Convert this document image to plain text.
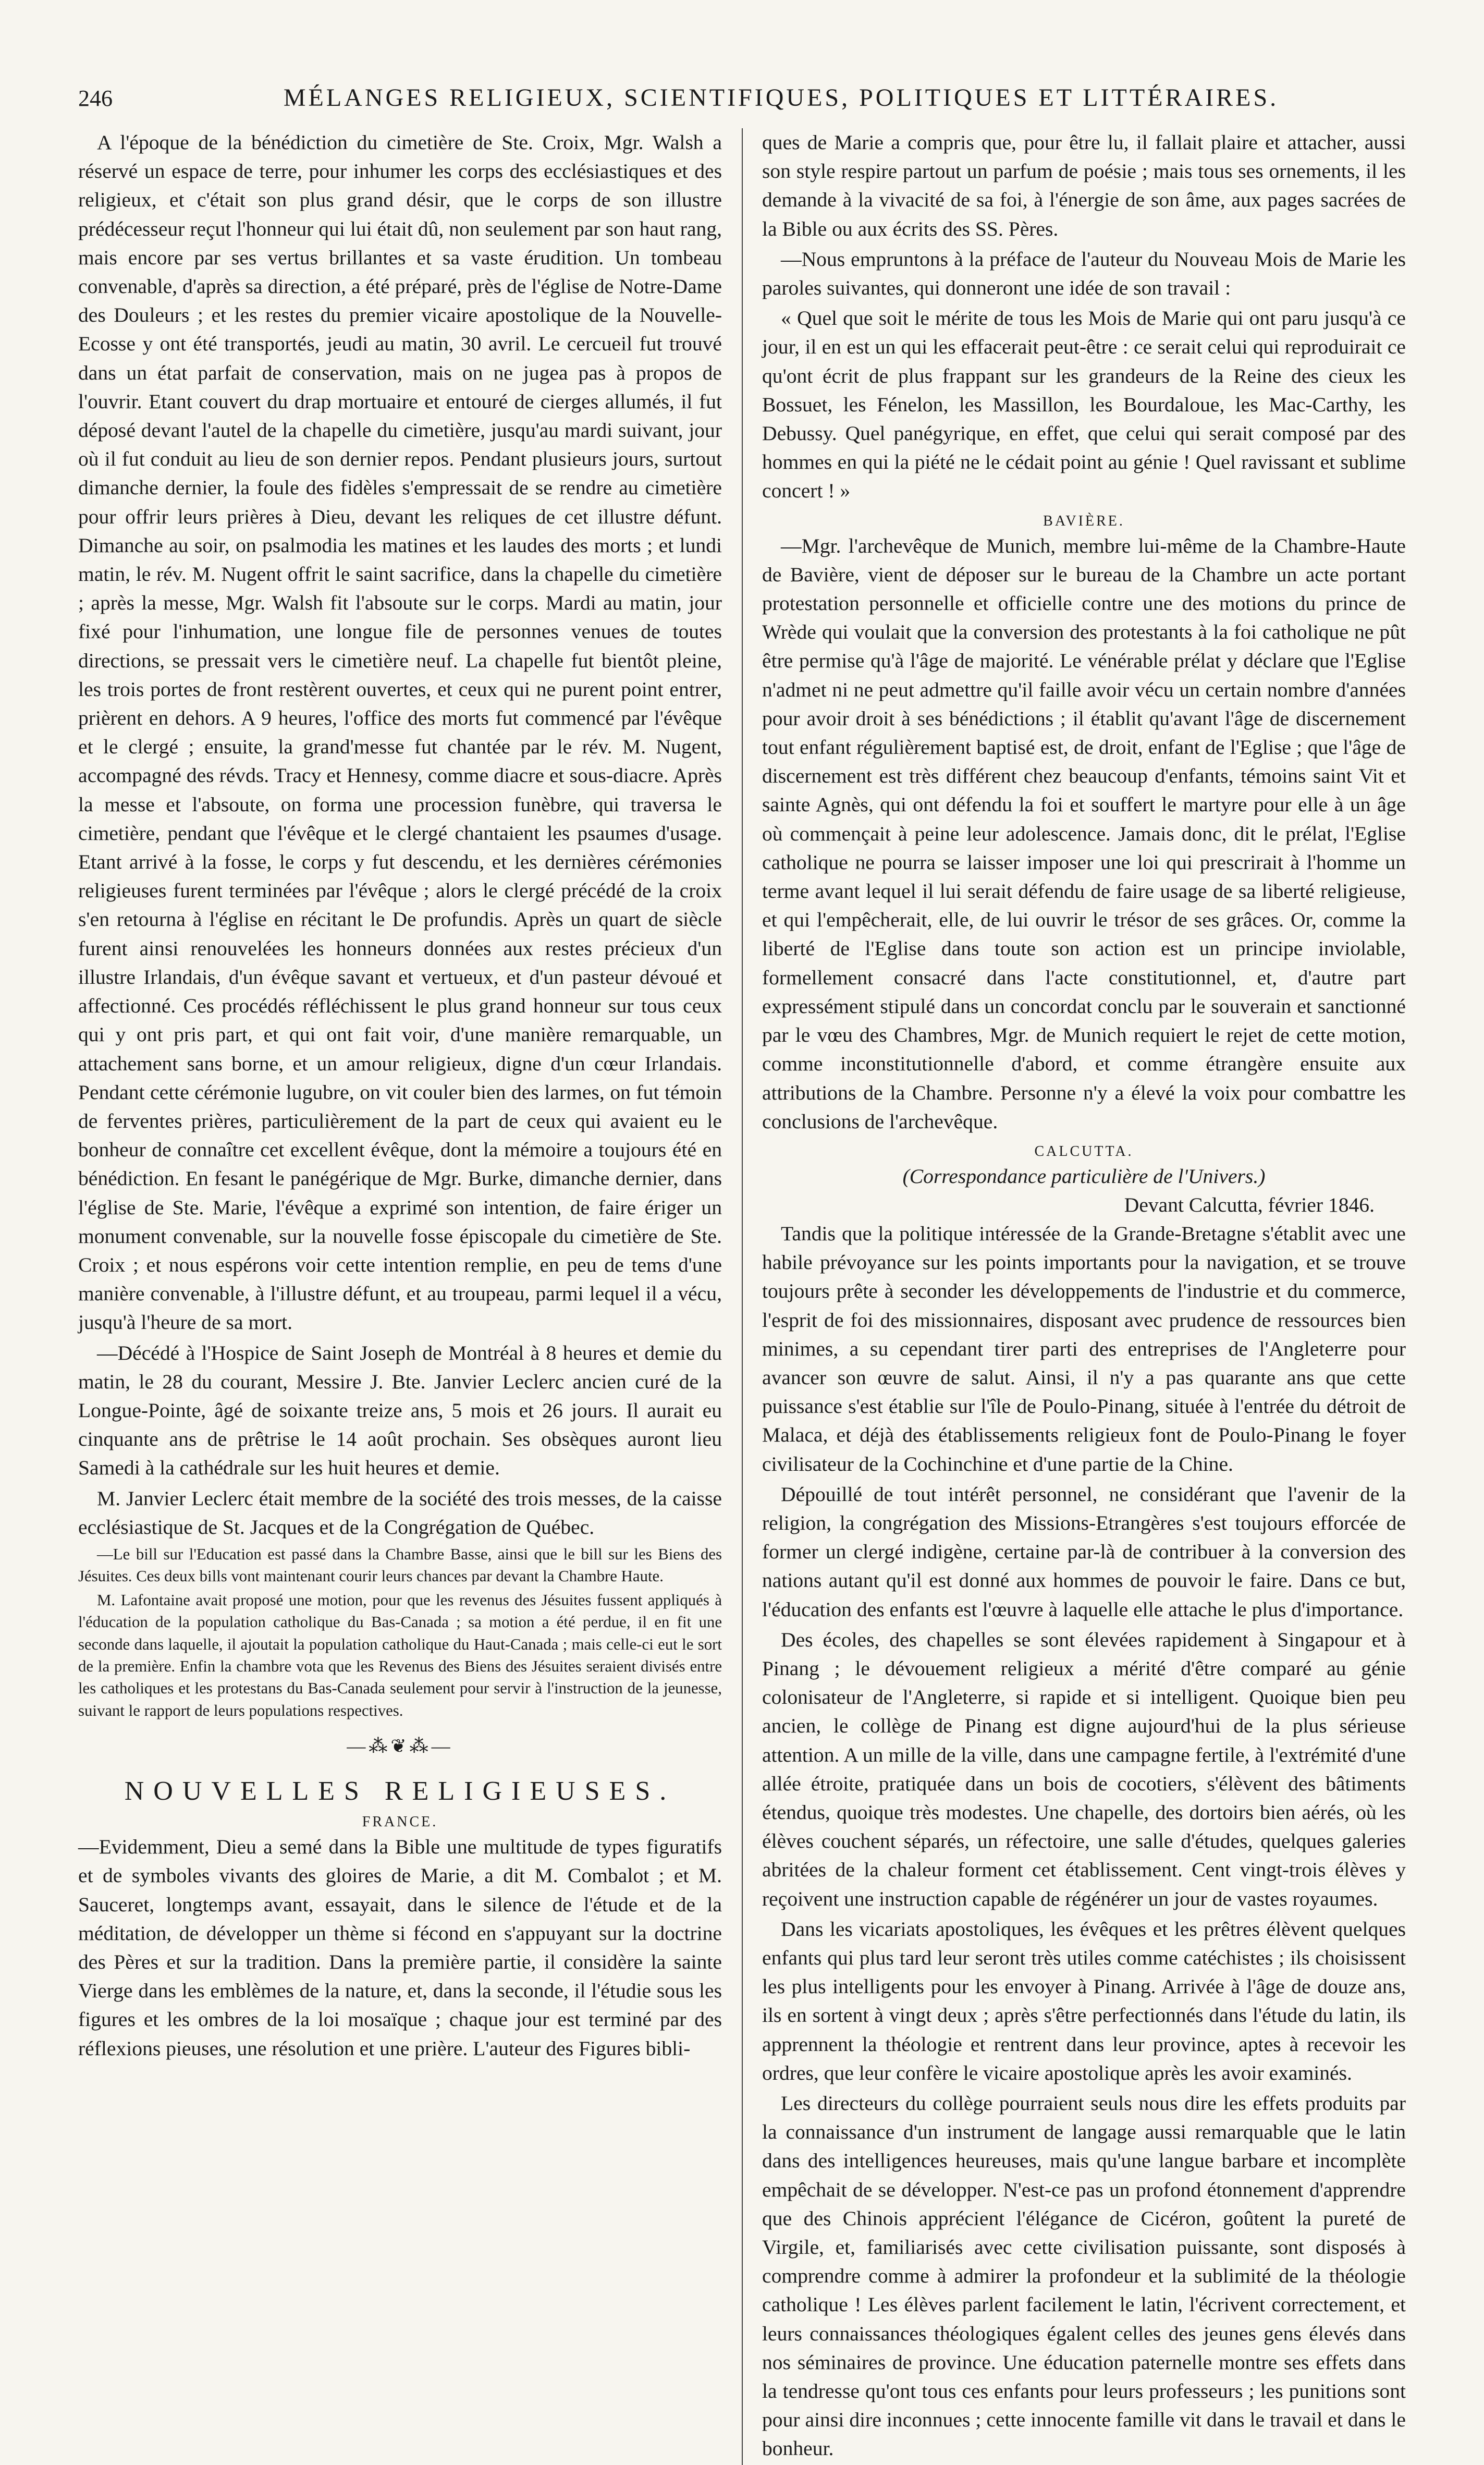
246	MÉLANGES RELIGIEUX, SCIENTIFIQUES, POLITIQUES ET LITTÉRAIRES.

A l'époque de la bénédiction du cimetière de Ste. Croix, Mgr. Walsh a réservé un espace de terre, pour inhumer les corps des ecclésiastiques et des religieux, et c'était son plus grand désir, que le corps de son illustre prédécesseur reçut l'honneur qui lui était dû, non seulement par son haut rang, mais encore par ses vertus brillantes et sa vaste érudition. Un tombeau convenable, d'après sa direction, a été préparé, près de l'église de Notre-Dame des Douleurs ; et les restes du premier vicaire apostolique de la Nouvelle-Ecosse y ont été transportés, jeudi au matin, 30 avril. Le cercueil fut trouvé dans un état parfait de conservation, mais on ne jugea pas à propos de l'ouvrir. Etant couvert du drap mortuaire et entouré de cierges allumés, il fut déposé devant l'autel de la chapelle du cimetière, jusqu'au mardi suivant, jour où il fut conduit au lieu de son dernier repos. Pendant plusieurs jours, surtout dimanche dernier, la foule des fidèles s'empressait de se rendre au cimetière pour offrir leurs prières à Dieu, devant les reliques de cet illustre défunt. Dimanche au soir, on psalmodia les matines et les laudes des morts ; et lundi matin, le rév. M. Nugent offrit le saint sacrifice, dans la chapelle du cimetière ; après la messe, Mgr. Walsh fit l'absoute sur le corps. Mardi au matin, jour fixé pour l'inhumation, une longue file de personnes venues de toutes directions, se pressait vers le cimetière neuf. La chapelle fut bientôt pleine, les trois portes de front restèrent ouvertes, et ceux qui ne purent point entrer, prièrent en dehors. A 9 heures, l'office des morts fut commencé par l'évêque et le clergé ; ensuite, la grand'messe fut chantée par le rév. M. Nugent, accompagné des révds. Tracy et Hennesy, comme diacre et sous-diacre. Après la messe et l'absoute, on forma une procession funèbre, qui traversa le cimetière, pendant que l'évêque et le clergé chantaient les psaumes d'usage. Etant arrivé à la fosse, le corps y fut descendu, et les dernières cérémonies religieuses furent terminées par l'évêque ; alors le clergé précédé de la croix s'en retourna à l'église en récitant le De profundis. Après un quart de siècle furent ainsi renouvelées les honneurs données aux restes précieux d'un illustre Irlandais, d'un évêque savant et vertueux, et d'un pasteur dévoué et affectionné. Ces procédés réfléchissent le plus grand honneur sur tous ceux qui y ont pris part, et qui ont fait voir, d'une manière remarquable, un attachement sans borne, et un amour religieux, digne d'un cœur Irlandais. Pendant cette cérémonie lugubre, on vit couler bien des larmes, on fut témoin de ferventes prières, particulièrement de la part de ceux qui avaient eu le bonheur de connaître cet excellent évêque, dont la mémoire a toujours été en bénédiction. En fesant le panégérique de Mgr. Burke, dimanche dernier, dans l'église de Ste. Marie, l'évêque a exprimé son intention, de faire ériger un monument convenable, sur la nouvelle fosse épiscopale du cimetière de Ste. Croix ; et nous espérons voir cette intention remplie, en peu de tems d'une manière convenable, à l'illustre défunt, et au troupeau, parmi lequel il a vécu, jusqu'à l'heure de sa mort.

—Décédé à l'Hospice de Saint Joseph de Montréal à 8 heures et demie du matin, le 28 du courant, Messire J. Bte. Janvier Leclerc ancien curé de la Longue-Pointe, âgé de soixante treize ans, 5 mois et 26 jours. Il aurait eu cinquante ans de prêtrise le 14 août prochain. Ses obsèques auront lieu Samedi à la cathédrale sur les huit heures et demie.

M. Janvier Leclerc était membre de la société des trois messes, de la caisse ecclésiastique de St. Jacques et de la Congrégation de Québec.

—Le bill sur l'Education est passé dans la Chambre Basse, ainsi que le bill sur les Biens des Jésuites. Ces deux bills vont maintenant courir leurs chances par devant la Chambre Haute.

M. Lafontaine avait proposé une motion, pour que les revenus des Jésuites fussent appliqués à l'éducation de la population catholique du Bas-Canada ; sa motion a été perdue, il en fit une seconde dans laquelle, il ajoutait la population catholique du Haut-Canada ; mais celle-ci eut le sort de la première. Enfin la chambre vota que les Revenus des Biens des Jésuites seraient divisés entre les catholiques et les protestans du Bas-Canada seulement pour servir à l'instruction de la jeunesse, suivant le rapport de leurs populations respectives.

—⁂❦⁂—
NOUVELLES RELIGIEUSES.
FRANCE.

—Evidemment, Dieu a semé dans la Bible une multitude de types figuratifs et de symboles vivants des gloires de Marie, a dit M. Combalot ; et M. Sauceret, longtemps avant, essayait, dans le silence de l'étude et de la méditation, de développer un thème si fécond en s'appuyant sur la doctrine des Pères et sur la tradition. Dans la première partie, il considère la sainte Vierge dans les emblèmes de la nature, et, dans la seconde, il l'étudie sous les figures et les ombres de la loi mosaïque ; chaque jour est terminé par des réflexions pieuses, une résolution et une prière. L'auteur des Figures bibli-

ques de Marie a compris que, pour être lu, il fallait plaire et attacher, aussi son style respire partout un parfum de poésie ; mais tous ses ornements, il les demande à la vivacité de sa foi, à l'énergie de son âme, aux pages sacrées de la Bible ou aux écrits des SS. Pères.

—Nous empruntons à la préface de l'auteur du Nouveau Mois de Marie les paroles suivantes, qui donneront une idée de son travail :

« Quel que soit le mérite de tous les Mois de Marie qui ont paru jusqu'à ce jour, il en est un qui les effacerait peut-être : ce serait celui qui reproduirait ce qu'ont écrit de plus frappant sur les grandeurs de la Reine des cieux les Bossuet, les Fénelon, les Massillon, les Bourdaloue, les Mac-Carthy, les Debussy. Quel panégyrique, en effet, que celui qui serait composé par des hommes en qui la piété ne le cédait point au génie ! Quel ravissant et sublime concert ! »

BAVIÈRE.

—Mgr. l'archevêque de Munich, membre lui-même de la Chambre-Haute de Bavière, vient de déposer sur le bureau de la Chambre un acte portant protestation personnelle et officielle contre une des motions du prince de Wrède qui voulait que la conversion des protestants à la foi catholique ne pût être permise qu'à l'âge de majorité. Le vénérable prélat y déclare que l'Eglise n'admet ni ne peut admettre qu'il faille avoir vécu un certain nombre d'années pour avoir droit à ses bénédictions ; il établit qu'avant l'âge de discernement tout enfant régulièrement baptisé est, de droit, enfant de l'Eglise ; que l'âge de discernement est très différent chez beaucoup d'enfants, témoins saint Vit et sainte Agnès, qui ont défendu la foi et souffert le martyre pour elle à un âge où commençait à peine leur adolescence. Jamais donc, dit le prélat, l'Eglise catholique ne pourra se laisser imposer une loi qui prescrirait à l'homme un terme avant lequel il lui serait défendu de faire usage de sa liberté religieuse, et qui l'empêcherait, elle, de lui ouvrir le trésor de ses grâces. Or, comme la liberté de l'Eglise dans toute son action est un principe inviolable, formellement consacré dans l'acte constitutionnel, et, d'autre part expressément stipulé dans un concordat conclu par le souverain et sanctionné par le vœu des Chambres, Mgr. de Munich requiert le rejet de cette motion, comme inconstitutionnelle d'abord, et comme étrangère ensuite aux attributions de la Chambre. Personne n'y a élevé la voix pour combattre les conclusions de l'archevêque.

CALCUTTA.
(Correspondance particulière de l'Univers.)
Devant Calcutta, février 1846.

Tandis que la politique intéressée de la Grande-Bretagne s'établit avec une habile prévoyance sur les points importants pour la navigation, et se trouve toujours prête à seconder les développements de l'industrie et du commerce, l'esprit de foi des missionnaires, disposant avec prudence de ressources bien minimes, a su cependant tirer parti des entreprises de l'Angleterre pour avancer son œuvre de salut. Ainsi, il n'y a pas quarante ans que cette puissance s'est établie sur l'île de Poulo-Pinang, située à l'entrée du détroit de Malaca, et déjà des établissements religieux font de Poulo-Pinang le foyer civilisateur de la Cochinchine et d'une partie de la Chine.

Dépouillé de tout intérêt personnel, ne considérant que l'avenir de la religion, la congrégation des Missions-Etrangères s'est toujours efforcée de former un clergé indigène, certaine par-là de contribuer à la conversion des nations autant qu'il est donné aux hommes de pouvoir le faire. Dans ce but, l'éducation des enfants est l'œuvre à laquelle elle attache le plus d'importance.

Des écoles, des chapelles se sont élevées rapidement à Singapour et à Pinang ; le dévouement religieux a mérité d'être comparé au génie colonisateur de l'Angleterre, si rapide et si intelligent. Quoique bien peu ancien, le collège de Pinang est digne aujourd'hui de la plus sérieuse attention. A un mille de la ville, dans une campagne fertile, à l'extrémité d'une allée étroite, pratiquée dans un bois de cocotiers, s'élèvent des bâtiments étendus, quoique très modestes. Une chapelle, des dortoirs bien aérés, où les élèves couchent séparés, un réfectoire, une salle d'études, quelques galeries abritées de la chaleur forment cet établissement. Cent vingt-trois élèves y reçoivent une instruction capable de régénérer un jour de vastes royaumes.

Dans les vicariats apostoliques, les évêques et les prêtres élèvent quelques enfants qui plus tard leur seront très utiles comme catéchistes ; ils choisissent les plus intelligents pour les envoyer à Pinang. Arrivée à l'âge de douze ans, ils en sortent à vingt deux ; après s'être perfectionnés dans l'étude du latin, ils apprennent la théologie et rentrent dans leur province, aptes à recevoir les ordres, que leur confère le vicaire apostolique après les avoir examinés.

Les directeurs du collège pourraient seuls nous dire les effets produits par la connaissance d'un instrument de langage aussi remarquable que le latin dans des intelligences heureuses, mais qu'une langue barbare et incomplète empêchait de se développer. N'est-ce pas un profond étonnement d'apprendre que des Chinois apprécient l'élégance de Cicéron, goûtent la pureté de Virgile, et, familiarisés avec cette civilisation puissante, sont disposés à comprendre comme à admirer la profondeur et la sublimité de la théologie catholique ! Les élèves parlent facilement le latin, l'écrivent correctement, et leurs connaissances théologiques égalent celles des jeunes gens élevés dans nos séminaires de province. Une éducation paternelle montre ses effets dans la tendresse qu'ont tous ces enfants pour leurs professeurs ; les punitions sont pour ainsi dire inconnues ; cette innocente famille vit dans le travail et dans le bonheur.
